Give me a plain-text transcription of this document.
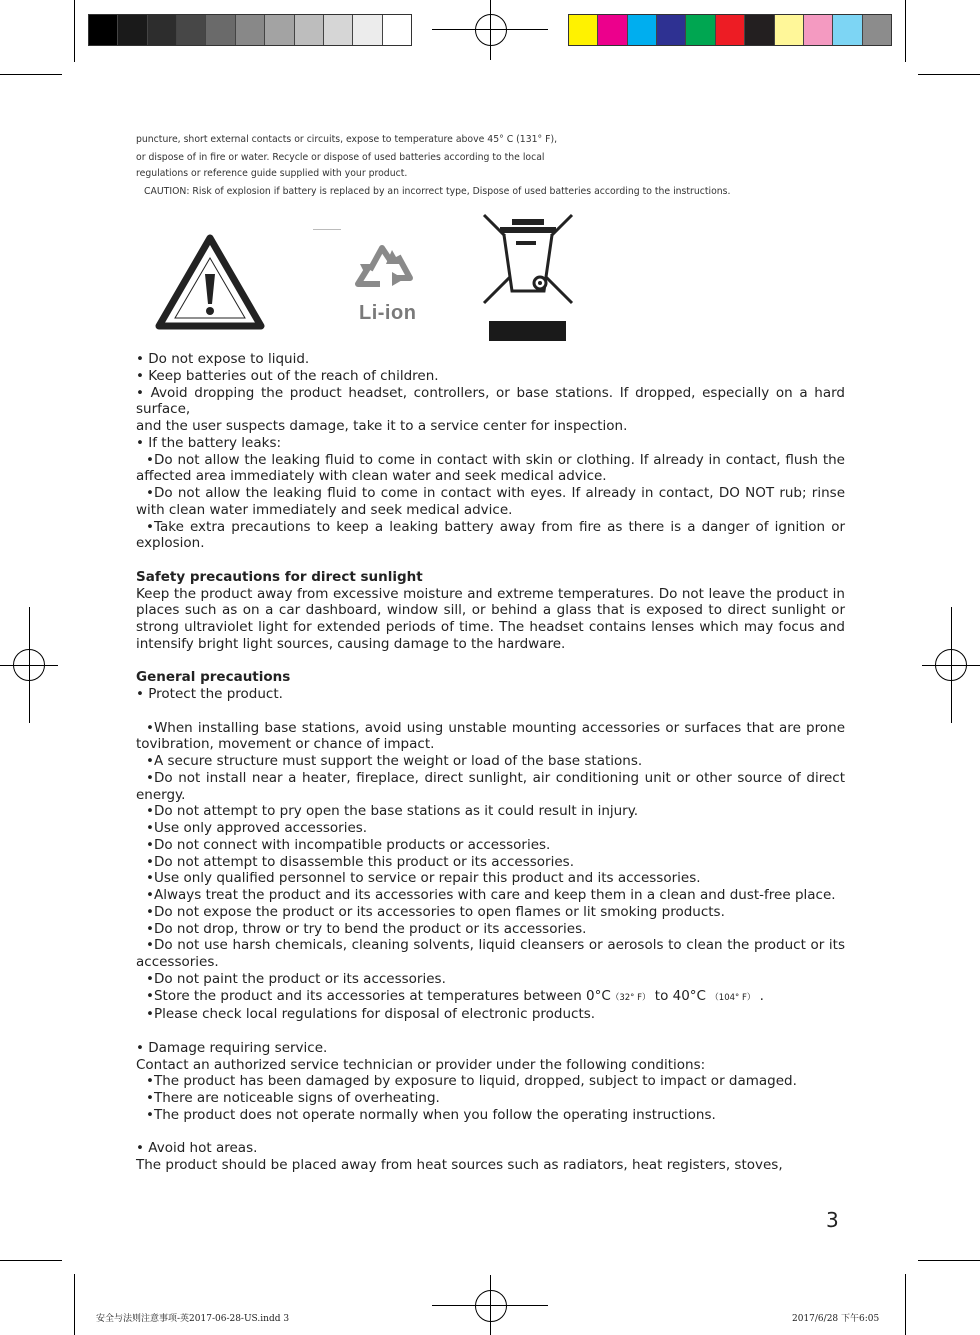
puncture, short external contacts or circuits, expose to temperature above 45° C (131° F),
or dispose of in fire or water. Recycle or dispose of used batteries according to the local
regulations or reference guide supplied with your product.
CAUTION: Risk of explosion if battery is replaced by an incorrect type, Dispose of used batteries according to the instructions.
Li-ion

• Do not expose to liquid.

• Keep batteries out of the reach of children.

• Avoid dropping the product headset, controllers, or base stations. If dropped, especially on a hard surface,

and the user suspects damage, take it to a service center for inspection.

• If the battery leaks:

•Do not allow the leaking fluid to come in contact with skin or clothing. If already in contact, flush the affected area immediately with clean water and seek medical advice.

•Do not allow the leaking fluid to come in contact with eyes. If already in contact, DO NOT rub; rinse with clean water immediately and seek medical advice.

•Take extra precautions to keep a leaking battery away from fire as there is a danger of ignition or explosion.

Safety precautions for direct sunlight

Keep the product away from excessive moisture and extreme temperatures. Do not leave the product in places such as on a car dashboard, window sill, or behind a glass that is exposed to direct sunlight or strong ultraviolet light for extended periods of time. The headset contains lenses which may focus and intensify bright light sources, causing damage to the hardware.

General precautions

• Protect the product.

•When installing base stations, avoid using unstable mounting accessories or surfaces that are prone tovibration, movement or chance of impact.

•A secure structure must support the weight or load of the base stations.

•Do not install near a heater, fireplace, direct sunlight, air conditioning unit or other source of direct energy.

•Do not attempt to pry open the base stations as it could result in injury.

•Use only approved accessories.

•Do not connect with incompatible products or accessories.

•Do not attempt to disassemble this product or its accessories.

•Use only qualified personnel to service or repair this product and its accessories.

•Always treat the product and its accessories with care and keep them in a clean and dust-free place.

•Do not expose the product or its accessories to open flames or lit smoking products.

•Do not drop, throw or try to bend the product or its accessories.

•Do not use harsh chemicals, cleaning solvents, liquid cleansers or aerosols to clean the product or its accessories.

•Do not paint the product or its accessories.

•Store the product and its accessories at temperatures between 0°C（32° F） to 40°C （104° F） .

•Please check local regulations for disposal of electronic products.

• Damage requiring service.

Contact an authorized service technician or provider under the following conditions:

•The product has been damaged by exposure to liquid, dropped, subject to impact or damaged.

•There are noticeable signs of overheating.

•The product does not operate normally when you follow the operating instructions.

• Avoid hot areas.

The product should be placed away from heat sources such as radiators, heat registers, stoves,

3
安全与法则注意事项-英2017-06-28-US.indd 3	2017/6/28 下午6:05
